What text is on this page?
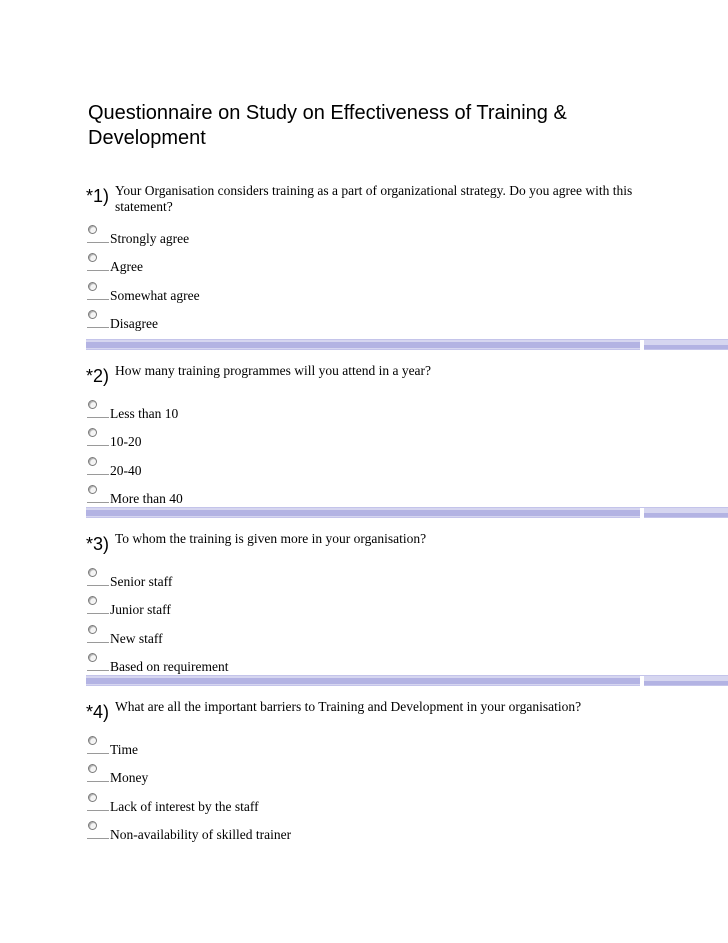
Questionnaire on Study on Effectiveness of Training & Development
*1) Your Organisation considers training as a part of organizational strategy. Do you agree with this statement?
Strongly agree
Agree
Somewhat agree
Disagree
*2) How many training programmes will you attend in a year?
Less than 10
10-20
20-40
More than 40
*3) To whom the training is given more in your organisation?
Senior staff
Junior staff
New staff
Based on requirement
*4) What are all the important barriers to Training and Development in your organisation?
Time
Money
Lack of interest by the staff
Non-availability of skilled trainer
